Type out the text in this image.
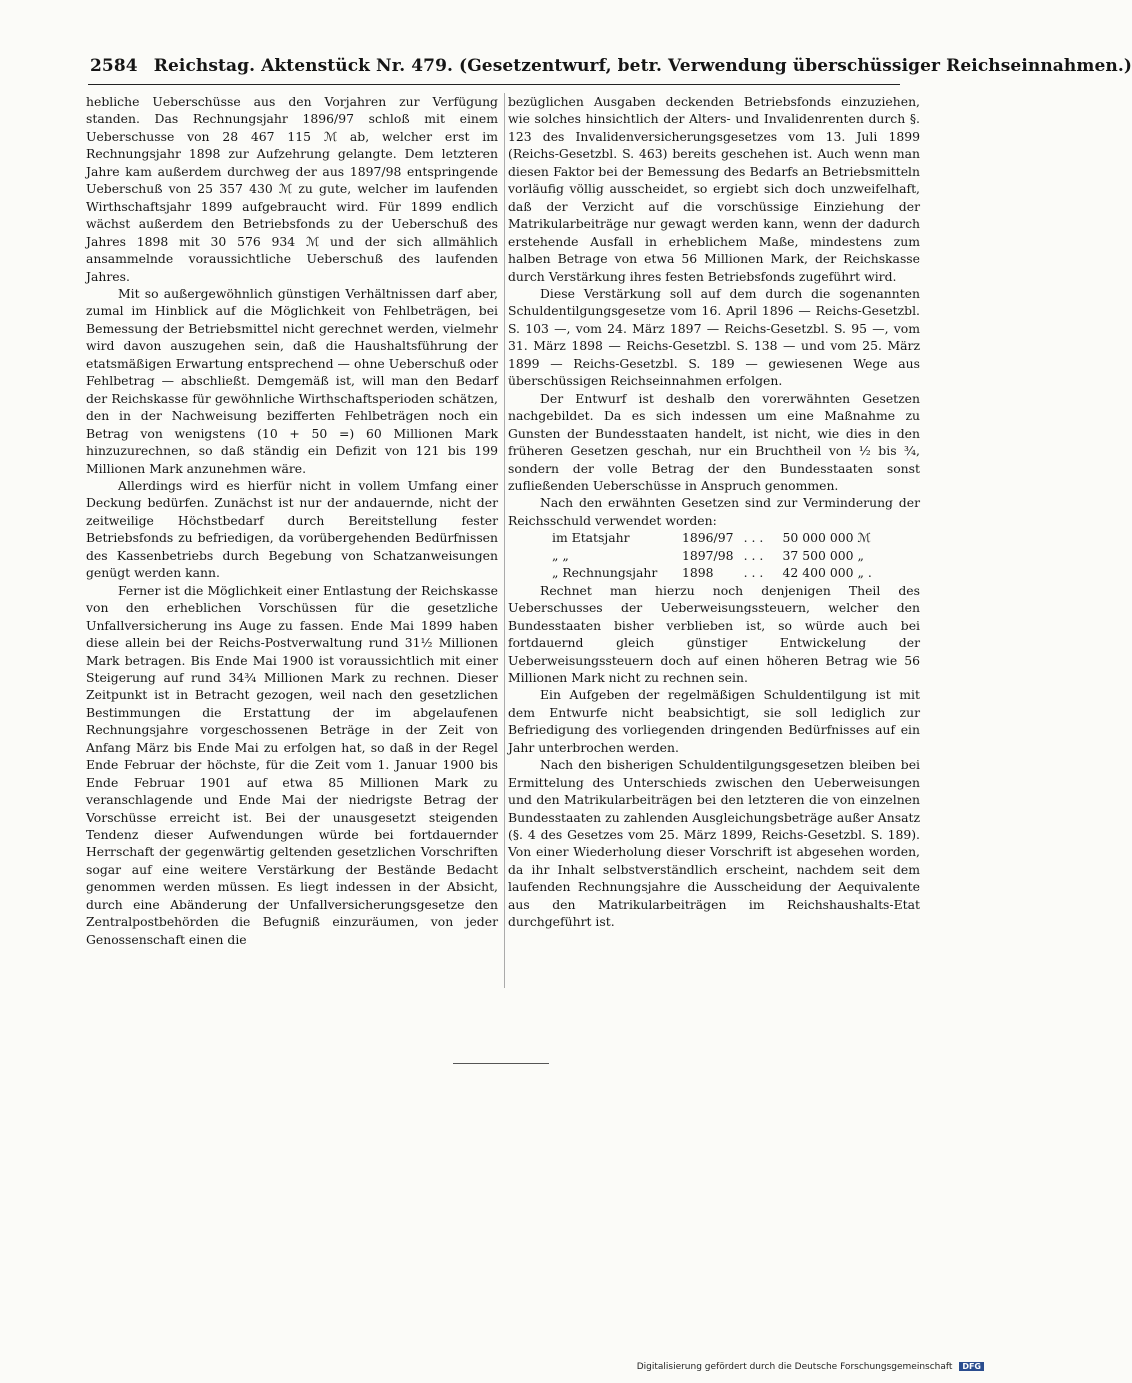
2584 Reichstag. Aktenstück Nr. 479. (Gesetzentwurf, betr. Verwendung überschüssiger Reichseinnahmen.)

hebliche Ueberschüsse aus den Vorjahren zur Verfügung standen. Das Rechnungsjahr 1896/97 schloß mit einem Ueberschusse von 28 467 115 ℳ ab, welcher erst im Rechnungsjahr 1898 zur Aufzehrung gelangte. Dem letzteren Jahre kam außerdem durchweg der aus 1897/98 entspringende Ueberschuß von 25 357 430 ℳ zu gute, welcher im laufenden Wirthschaftsjahr 1899 aufgebraucht wird. Für 1899 endlich wächst außerdem den Betriebsfonds zu der Ueberschuß des Jahres 1898 mit 30 576 934 ℳ und der sich allmählich ansammelnde voraussichtliche Ueberschuß des laufenden Jahres.

Mit so außergewöhnlich günstigen Verhältnissen darf aber, zumal im Hinblick auf die Möglichkeit von Fehlbeträgen, bei Bemessung der Betriebsmittel nicht gerechnet werden, vielmehr wird davon auszugehen sein, daß die Haushaltsführung der etatsmäßigen Erwartung entsprechend — ohne Ueberschuß oder Fehlbetrag — abschließt. Demgemäß ist, will man den Bedarf der Reichskasse für gewöhnliche Wirthschaftsperioden schätzen, den in der Nachweisung bezifferten Fehlbeträgen noch ein Betrag von wenigstens (10 + 50 =) 60 Millionen Mark hinzuzurechnen, so daß ständig ein Defizit von 121 bis 199 Millionen Mark anzunehmen wäre.

Allerdings wird es hierfür nicht in vollem Umfang einer Deckung bedürfen. Zunächst ist nur der andauernde, nicht der zeitweilige Höchstbedarf durch Bereitstellung fester Betriebsfonds zu befriedigen, da vorübergehenden Bedürfnissen des Kassenbetriebs durch Begebung von Schatzanweisungen genügt werden kann.

Ferner ist die Möglichkeit einer Entlastung der Reichskasse von den erheblichen Vorschüssen für die gesetzliche Unfallversicherung ins Auge zu fassen. Ende Mai 1899 haben diese allein bei der Reichs-Postverwaltung rund 31½ Millionen Mark betragen. Bis Ende Mai 1900 ist voraussichtlich mit einer Steigerung auf rund 34¾ Millionen Mark zu rechnen. Dieser Zeitpunkt ist in Betracht gezogen, weil nach den gesetzlichen Bestimmungen die Erstattung der im abgelaufenen Rechnungsjahre vorgeschossenen Beträge in der Zeit von Anfang März bis Ende Mai zu erfolgen hat, so daß in der Regel Ende Februar der höchste, für die Zeit vom 1. Januar 1900 bis Ende Februar 1901 auf etwa 85 Millionen Mark zu veranschlagende und Ende Mai der niedrigste Betrag der Vorschüsse erreicht ist. Bei der unausgesetzt steigenden Tendenz dieser Aufwendungen würde bei fortdauernder Herrschaft der gegenwärtig geltenden gesetzlichen Vorschriften sogar auf eine weitere Verstärkung der Bestände Bedacht genommen werden müssen. Es liegt indessen in der Absicht, durch eine Abänderung der Unfallversicherungsgesetze den Zentralpostbehörden die Befugniß einzuräumen, von jeder Genossenschaft einen die

bezüglichen Ausgaben deckenden Betriebsfonds einzuziehen, wie solches hinsichtlich der Alters- und Invalidenrenten durch §. 123 des Invalidenversicherungsgesetzes vom 13. Juli 1899 (Reichs-Gesetzbl. S. 463) bereits geschehen ist. Auch wenn man diesen Faktor bei der Bemessung des Bedarfs an Betriebsmitteln vorläufig völlig ausscheidet, so ergiebt sich doch unzweifelhaft, daß der Verzicht auf die vorschüssige Einziehung der Matrikularbeiträge nur gewagt werden kann, wenn der dadurch erstehende Ausfall in erheblichem Maße, mindestens zum halben Betrage von etwa 56 Millionen Mark, der Reichskasse durch Verstärkung ihres festen Betriebsfonds zugeführt wird.

Diese Verstärkung soll auf dem durch die sogenannten Schuldentilgungsgesetze vom 16. April 1896 — Reichs-Gesetzbl. S. 103 —, vom 24. März 1897 — Reichs-Gesetzbl. S. 95 —, vom 31. März 1898 — Reichs-Gesetzbl. S. 138 — und vom 25. März 1899 — Reichs-Gesetzbl. S. 189 — gewiesenen Wege aus überschüssigen Reichseinnahmen erfolgen.

Der Entwurf ist deshalb den vorerwähnten Gesetzen nachgebildet. Da es sich indessen um eine Maßnahme zu Gunsten der Bundesstaaten handelt, ist nicht, wie dies in den früheren Gesetzen geschah, nur ein Bruchtheil von ½ bis ¾, sondern der volle Betrag der den Bundesstaaten sonst zufließenden Ueberschüsse in Anspruch genommen.

Nach den erwähnten Gesetzen sind zur Verminderung der Reichsschuld verwendet worden:

im Etatsjahr	1896/97	. . .	50 000 000	ℳ
„ „	1897/98	. . .	37 500 000	„
„ Rechnungsjahr	1898	. . .	42 400 000	„ .

Rechnet man hierzu noch denjenigen Theil des Ueberschusses der Ueberweisungssteuern, welcher den Bundesstaaten bisher verblieben ist, so würde auch bei fortdauernd gleich günstiger Entwickelung der Ueberweisungssteuern doch auf einen höheren Betrag wie 56 Millionen Mark nicht zu rechnen sein.

Ein Aufgeben der regelmäßigen Schuldentilgung ist mit dem Entwurfe nicht beabsichtigt, sie soll lediglich zur Befriedigung des vorliegenden dringenden Bedürfnisses auf ein Jahr unterbrochen werden.

Nach den bisherigen Schuldentilgungsgesetzen bleiben bei Ermittelung des Unterschieds zwischen den Ueberweisungen und den Matrikularbeiträgen bei den letzteren die von einzelnen Bundesstaaten zu zahlenden Ausgleichungsbeträge außer Ansatz (§. 4 des Gesetzes vom 25. März 1899, Reichs-Gesetzbl. S. 189). Von einer Wiederholung dieser Vorschrift ist abgesehen worden, da ihr Inhalt selbstverständlich erscheint, nachdem seit dem laufenden Rechnungsjahre die Ausscheidung der Aequivalente aus den Matrikularbeiträgen im Reichshaushalts-Etat durchgeführt ist.

Digitalisierung gefördert durch die Deutsche Forschungsgemeinschaft DFG
